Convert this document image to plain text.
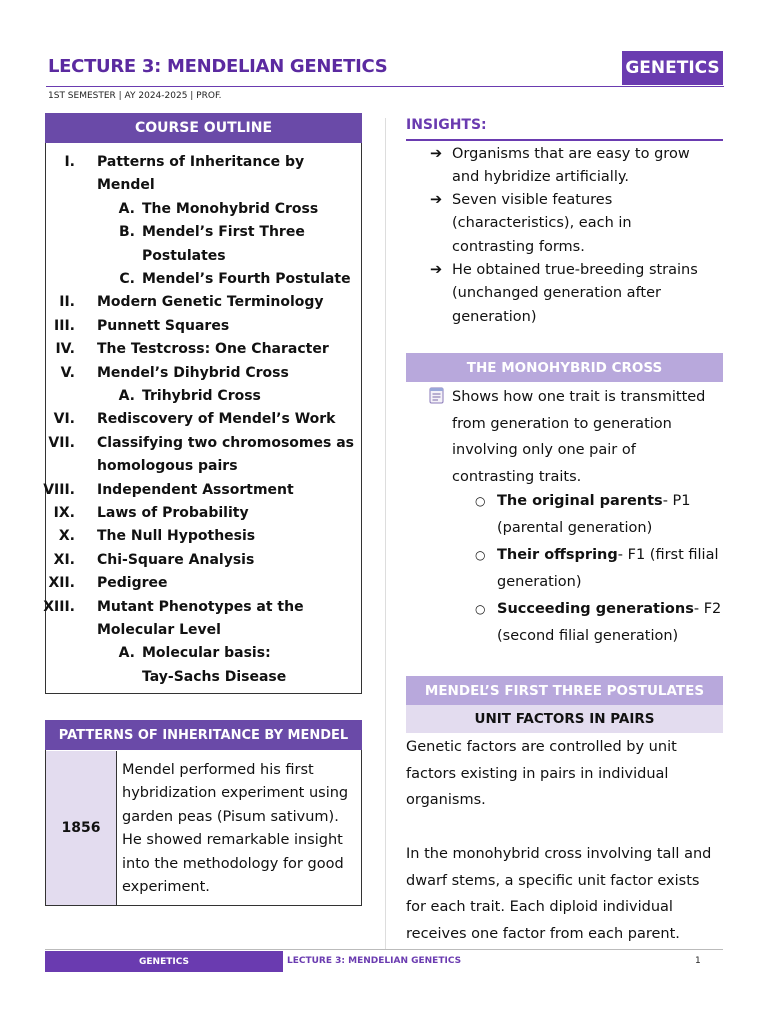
LECTURE 3: MENDELIAN GENETICS	GENETICS
1ST SEMESTER | AY 2024-2025 | PROF.
COURSE OUTLINE
I. Patterns of Inheritance by
Mendel
A. The Monohybrid Cross
B. Mendel’s First Three
Postulates
C. Mendel’s Fourth Postulate
II. Modern Genetic Terminology
III. Punnett Squares
IV. The Testcross: One Character
V. Mendel’s Dihybrid Cross
A. Trihybrid Cross
VI. Rediscovery of Mendel’s Work
VII. Classifying two chromosomes as
homologous pairs
VIII. Independent Assortment
IX. Laws of Probability
X. The Null Hypothesis
XI. Chi-Square Analysis
XII. Pedigree
XIII. Mutant Phenotypes at the
Molecular Level
A. Molecular basis:
Tay-Sachs Disease
PATTERNS OF INHERITANCE BY MENDEL
1856
Mendel performed his first
hybridization experiment using
garden peas (Pisum sativum).
He showed remarkable insight
into the methodology for good
experiment.
INSIGHTS:
➔ Organisms that are easy to grow
and hybridize artificially.
➔ Seven visible features
(characteristics), each in
contrasting forms.
➔ He obtained true-breeding strains
(unchanged generation after
generation)
THE MONOHYBRID CROSS
Shows how one trait is transmitted
from generation to generation
involving only one pair of
contrasting traits.
○ The original parents- P1
(parental generation)
○ Their offspring- F1 (first filial
generation)
○ Succeeding generations- F2
(second filial generation)
MENDEL’S FIRST THREE POSTULATES
UNIT FACTORS IN PAIRS
Genetic factors are controlled by unit
factors existing in pairs in individual
organisms.
In the monohybrid cross involving tall and
dwarf stems, a specific unit factor exists
for each trait. Each diploid individual
receives one factor from each parent.
GENETICS	LECTURE 3: MENDELIAN GENETICS	1
